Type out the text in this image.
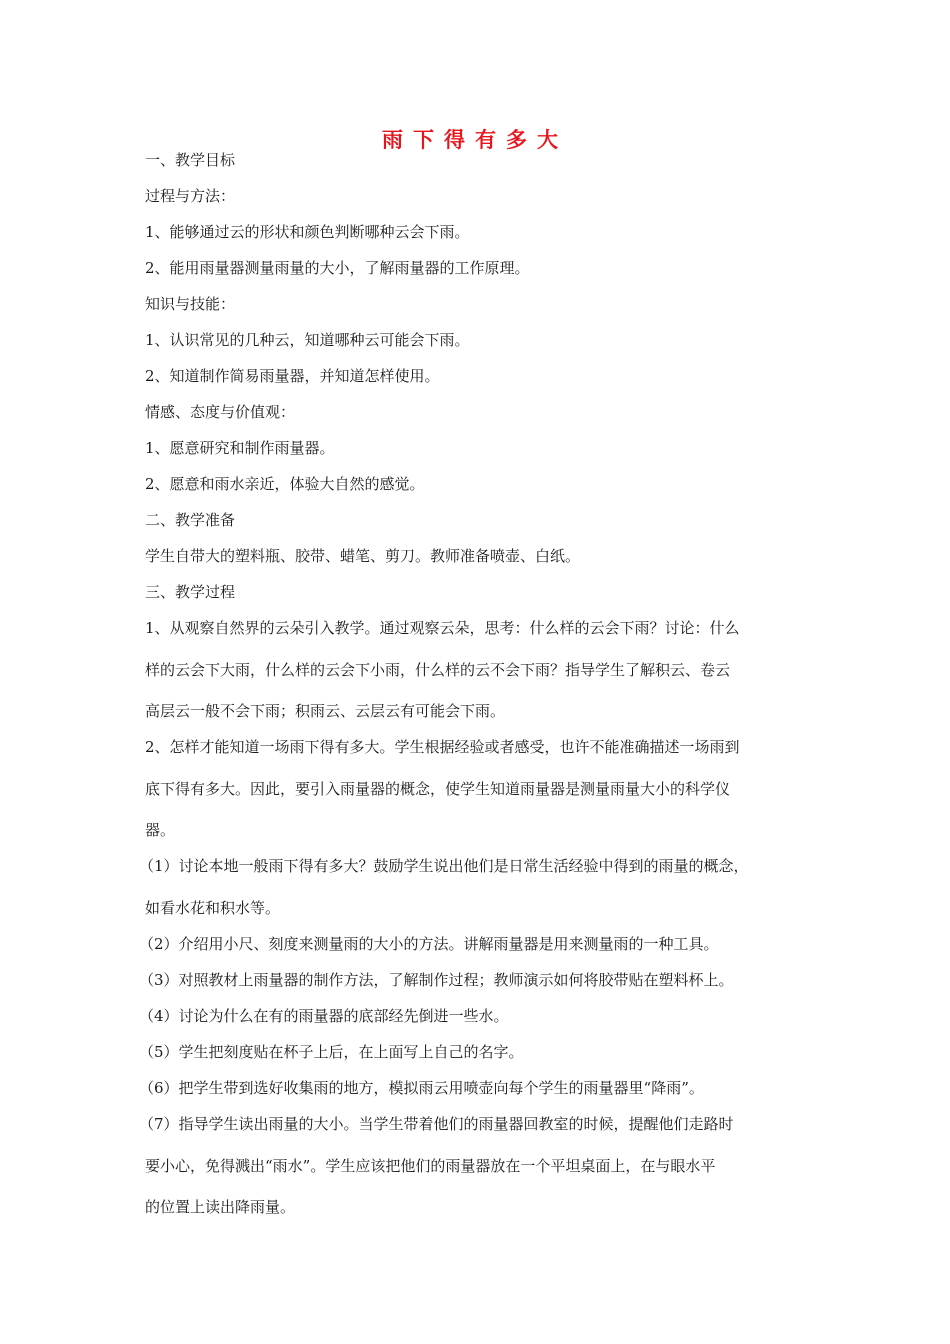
雨下得有多大
一、教学目标
过程与方法：
1、能够通过云的形状和颜色判断哪种云会下雨。
2、能用雨量器测量雨量的大小，了解雨量器的工作原理。
知识与技能：
1、认识常见的几种云，知道哪种云可能会下雨。
2、知道制作简易雨量器，并知道怎样使用。
情感、态度与价值观：
1、愿意研究和制作雨量器。
2、愿意和雨水亲近，体验大自然的感觉。
二、教学准备
学生自带大的塑料瓶、胶带、蜡笔、剪刀。教师准备喷壶、白纸。
三、教学过程
1、从观察自然界的云朵引入教学。通过观察云朵，思考：什么样的云会下雨？讨论：什么
样的云会下大雨，什么样的云会下小雨，什么样的云不会下雨？指导学生了解积云、卷云
高层云一般不会下雨；积雨云、云层云有可能会下雨。
2、怎样才能知道一场雨下得有多大。学生根据经验或者感受，也许不能准确描述一场雨到
底下得有多大。因此，要引入雨量器的概念，使学生知道雨量器是测量雨量大小的科学仪
器。
（1）讨论本地一般雨下得有多大？鼓励学生说出他们是日常生活经验中得到的雨量的概念，
如看水花和积水等。
（2）介绍用小尺、刻度来测量雨的大小的方法。讲解雨量器是用来测量雨的一种工具。
（3）对照教材上雨量器的制作方法，了解制作过程；教师演示如何将胶带贴在塑料杯上。
（4）讨论为什么在有的雨量器的底部经先倒进一些水。
（5）学生把刻度贴在杯子上后，在上面写上自己的名字。
（6）把学生带到选好收集雨的地方，模拟雨云用喷壶向每个学生的雨量器里“降雨”。
（7）指导学生读出雨量的大小。当学生带着他们的雨量器回教室的时候，提醒他们走路时
要小心，免得溅出“雨水”。学生应该把他们的雨量器放在一个平坦桌面上，在与眼水平
的位置上读出降雨量。
